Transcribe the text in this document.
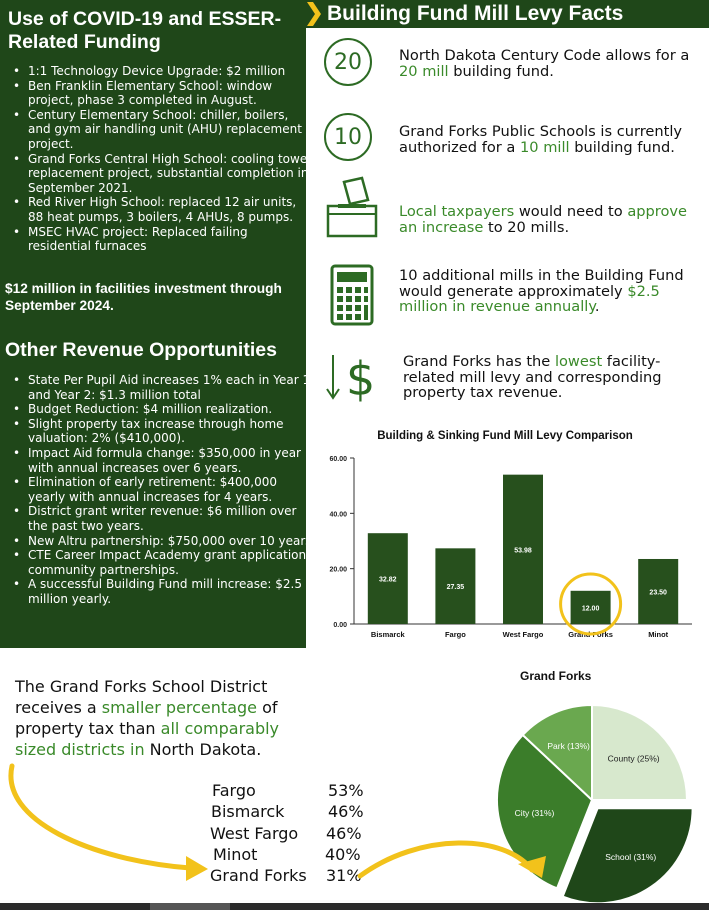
Use of COVID-19 and ESSER-Related Funding
• 1:1 Technology Device Upgrade: $2 million
• Ben Franklin Elementary School: window project, phase 3 completed in August.
• Century Elementary School: chiller, boilers, and gym air handling unit (AHU) replacement project.
• Grand Forks Central High School: cooling tower replacement project, substantial completion in September 2021.
• Red River High School: replaced 12 air units, 88 heat pumps, 3 boilers, 4 AHUs, 8 pumps.
• MSEC HVAC project: Replaced failing residential furnaces
$12 million in facilities investment through September 2024.
Other Revenue Opportunities
• State Per Pupil Aid increases 1% each in Year 1 and Year 2: $1.3 million total
• Budget Reduction: $4 million realization.
• Slight property tax increase through home valuation: 2% ($410,000).
• Impact Aid formula change: $350,000 in year 1 with annual increases over 6 years.
• Elimination of early retirement: $400,000 yearly with annual increases for 4 years.
• District grant writer revenue: $6 million over the past two years.
• New Altru partnership: $750,000 over 10 years.
• CTE Career Impact Academy grant application: community partnerships.
• A successful Building Fund mill increase: $2.5 million yearly.
Building Fund Mill Levy Facts
20	North Dakota Century Code allows for a 20 mill building fund.
10	Grand Forks Public Schools is currently authorized for a 10 mill building fund.
Local taxpayers would need to approve an increase to 20 mills.
10 additional mills in the Building Fund would generate approximately $2.5 million in revenue annually.
$ Grand Forks has the lowest facility-related mill levy and corresponding property tax revenue.
Building & Sinking Fund Mill Levy Comparison
0.00
20.00
40.00
60.00
32.82
Bismarck
27.35
Fargo
53.98
West Fargo
12.00
Grand Forks
23.50
Minot
Grand Forks
County (25%)
School (31%)
City (31%)
Park (13%)
The Grand Forks School District receives a smaller percentage of property tax than all comparably sized districts in North Dakota.
Fargo	53%
Bismarck	46%
West Fargo 46%
Minot	40%
Grand Forks 31%
